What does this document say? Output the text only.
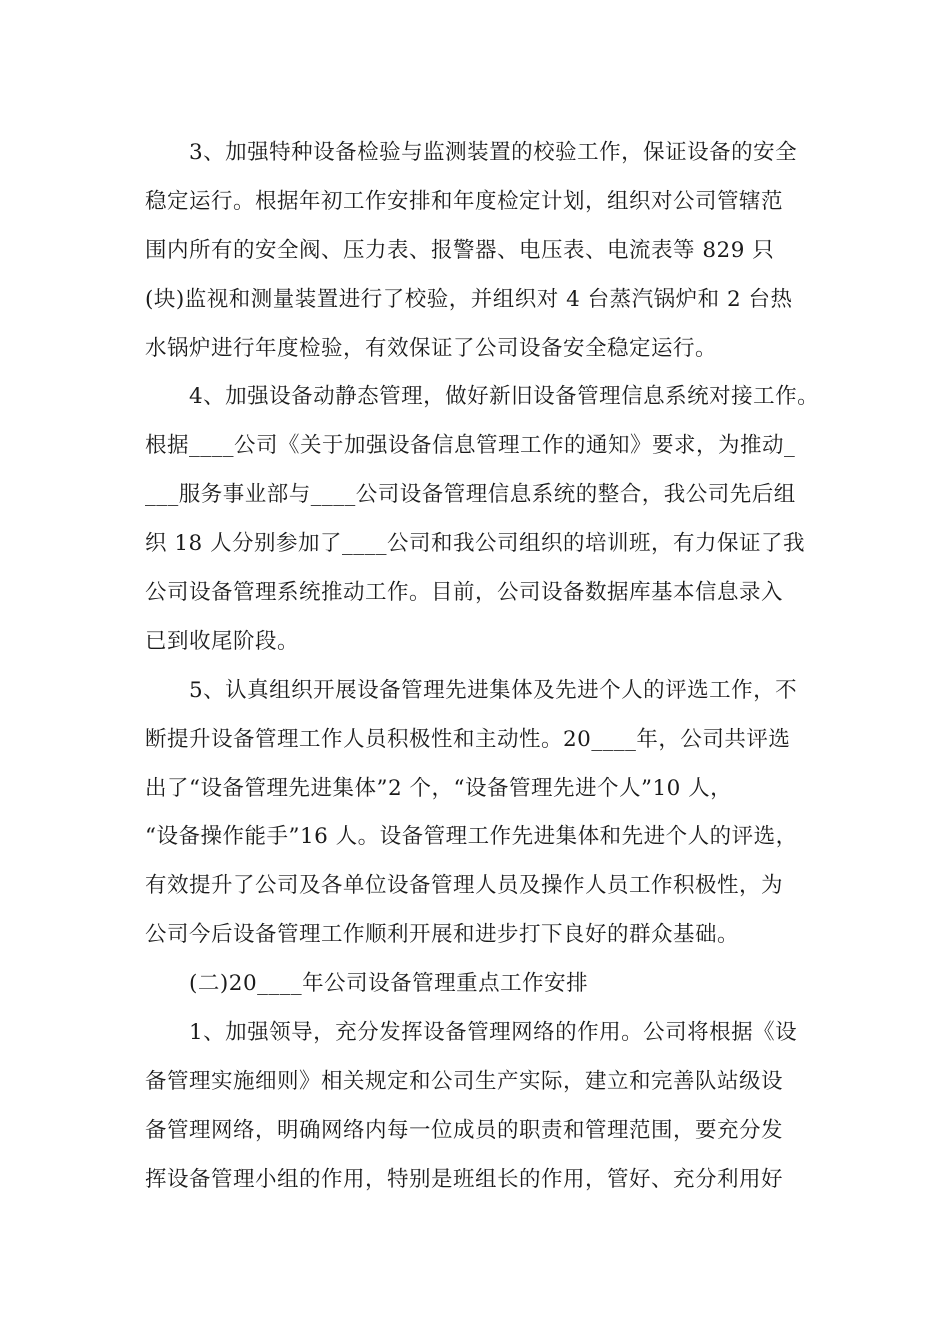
3、加强特种设备检验与监测装置的校验工作，保证设备的安全
稳定运行。根据年初工作安排和年度检定计划，组织对公司管辖范
围内所有的安全阀、压力表、报警器、电压表、电流表等 829 只
(块)监视和测量装置进行了校验，并组织对 4 台蒸汽锅炉和 2 台热
水锅炉进行年度检验，有效保证了公司设备安全稳定运行。
4、加强设备动静态管理，做好新旧设备管理信息系统对接工作。
根据____公司《关于加强设备信息管理工作的通知》要求，为推动_
___服务事业部与____公司设备管理信息系统的整合，我公司先后组
织 18 人分别参加了____公司和我公司组织的培训班，有力保证了我
公司设备管理系统推动工作。目前，公司设备数据库基本信息录入
已到收尾阶段。
5、认真组织开展设备管理先进集体及先进个人的评选工作，不
断提升设备管理工作人员积极性和主动性。20____年，公司共评选
出了“设备管理先进集体”2 个，“设备管理先进个人”10 人，
“设备操作能手”16 人。设备管理工作先进集体和先进个人的评选，
有效提升了公司及各单位设备管理人员及操作人员工作积极性，为
公司今后设备管理工作顺利开展和进步打下良好的群众基础。
(二)20____年公司设备管理重点工作安排
1、加强领导，充分发挥设备管理网络的作用。公司将根据《设
备管理实施细则》相关规定和公司生产实际，建立和完善队站级设
备管理网络，明确网络内每一位成员的职责和管理范围，要充分发
挥设备管理小组的作用，特别是班组长的作用，管好、充分利用好
